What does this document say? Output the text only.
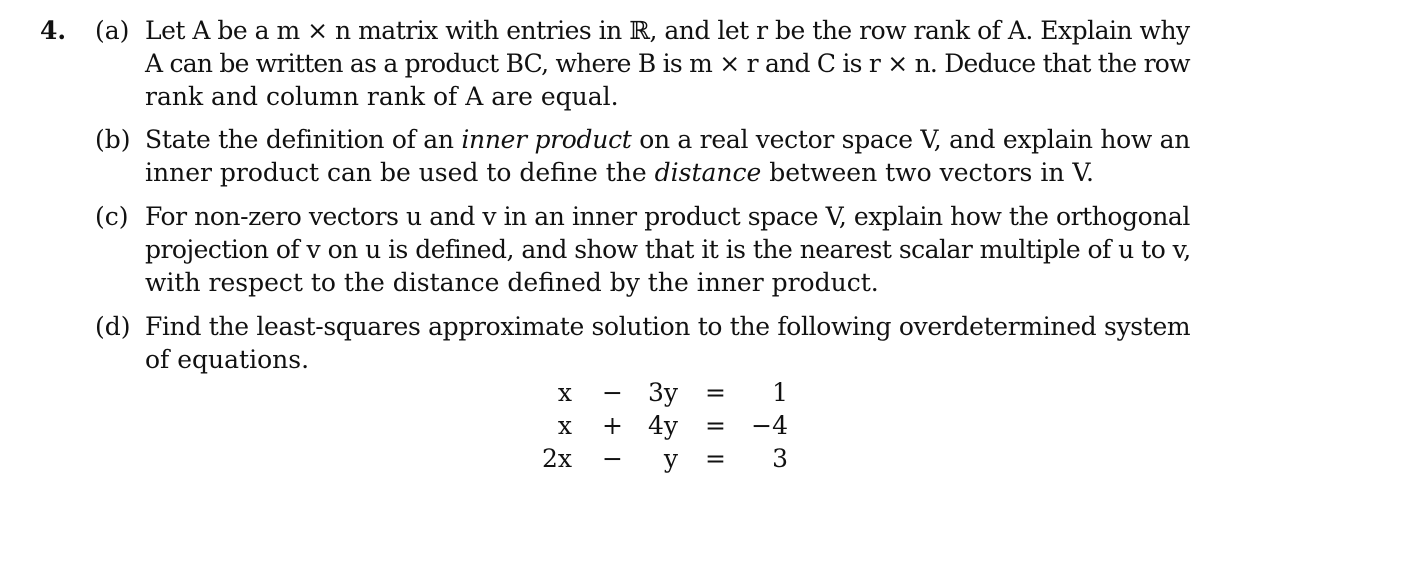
4. (a) Let A be a m × n matrix with entries in ℝ, and let r be the row rank of A. Explain why
A can be written as a product BC, where B is m × r and C is r × n. Deduce that the row
rank and column rank of A are equal.
(b) State the definition of an inner product on a real vector space V, and explain how an
inner product can be used to define the distance between two vectors in V.
(c) For non-zero vectors u and v in an inner product space V, explain how the orthogonal
projection of v on u is defined, and show that it is the nearest scalar multiple of u to v,
with respect to the distance defined by the inner product.
(d) Find the least-squares approximate solution to the following overdetermined system
of equations.
x − 3y = 1
x + 4y = −4
2x − y = 3
